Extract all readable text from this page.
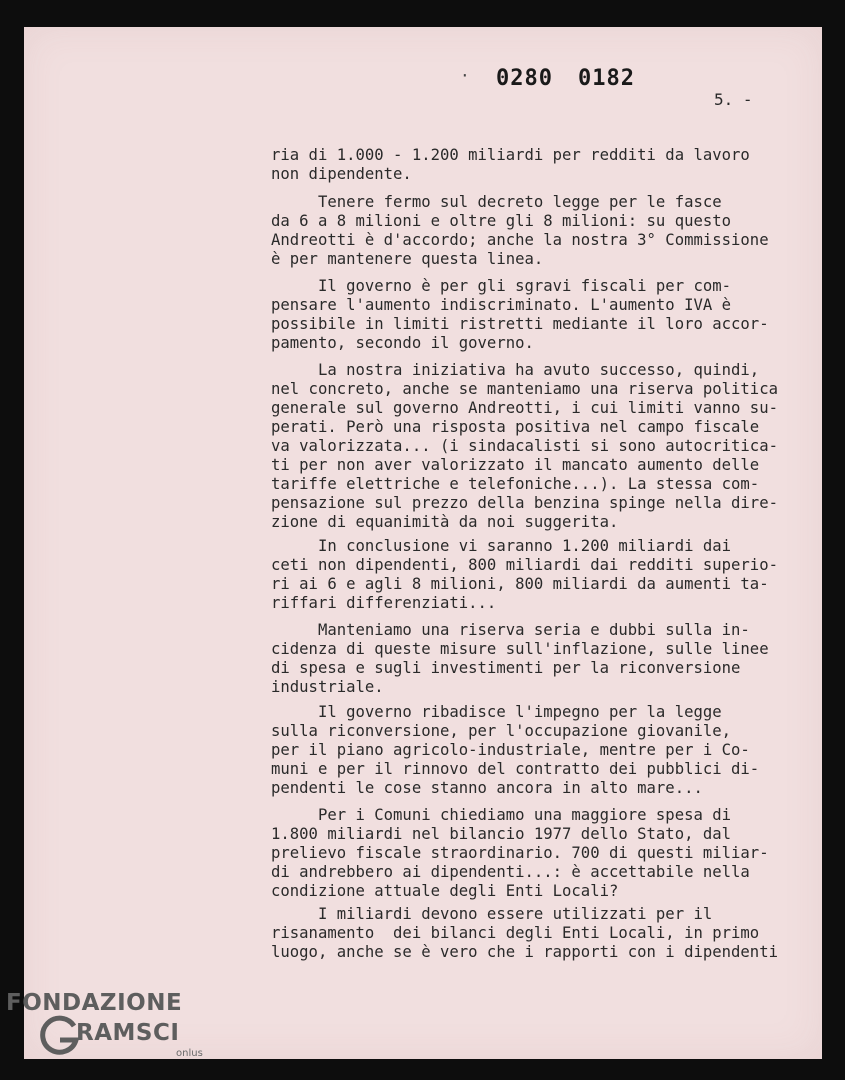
· 0280 0182
5. -
ria di 1.000 - 1.200 miliardi per redditi da lavoro
non dipendente.
Tenere fermo sul decreto legge per le fasce
da 6 a 8 milioni e oltre gli 8 milioni: su questo
Andreotti è d'accordo; anche la nostra 3° Commissione
è per mantenere questa linea.
Il governo è per gli sgravi fiscali per com-
pensare l'aumento indiscriminato. L'aumento IVA è
possibile in limiti ristretti mediante il loro accor-
pamento, secondo il governo.
La nostra iniziativa ha avuto successo, quindi,
nel concreto, anche se manteniamo una riserva politica
generale sul governo Andreotti, i cui limiti vanno su-
perati. Però una risposta positiva nel campo fiscale
va valorizzata... (i sindacalisti si sono autocritica-
ti per non aver valorizzato il mancato aumento delle
tariffe elettriche e telefoniche...). La stessa com-
pensazione sul prezzo della benzina spinge nella dire-
zione di equanimità da noi suggerita.
In conclusione vi saranno 1.200 miliardi dai
ceti non dipendenti, 800 miliardi dai redditi superio-
ri ai 6 e agli 8 milioni, 800 miliardi da aumenti ta-
riffari differenziati...
Manteniamo una riserva seria e dubbi sulla in-
cidenza di queste misure sull'inflazione, sulle linee
di spesa e sugli investimenti per la riconversione
industriale.
Il governo ribadisce l'impegno per la legge
sulla riconversione, per l'occupazione giovanile,
per il piano agricolo-industriale, mentre per i Co-
muni e per il rinnovo del contratto dei pubblici di-
pendenti le cose stanno ancora in alto mare...
Per i Comuni chiediamo una maggiore spesa di
1.800 miliardi nel bilancio 1977 dello Stato, dal
prelievo fiscale straordinario. 700 di questi miliar-
di andrebbero ai dipendenti...: è accettabile nella
condizione attuale degli Enti Locali?
I miliardi devono essere utilizzati per il
risanamento  dei bilanci degli Enti Locali, in primo
luogo, anche se è vero che i rapporti con i dipendenti
FONDAZIONE
RAMSCI
onlus
